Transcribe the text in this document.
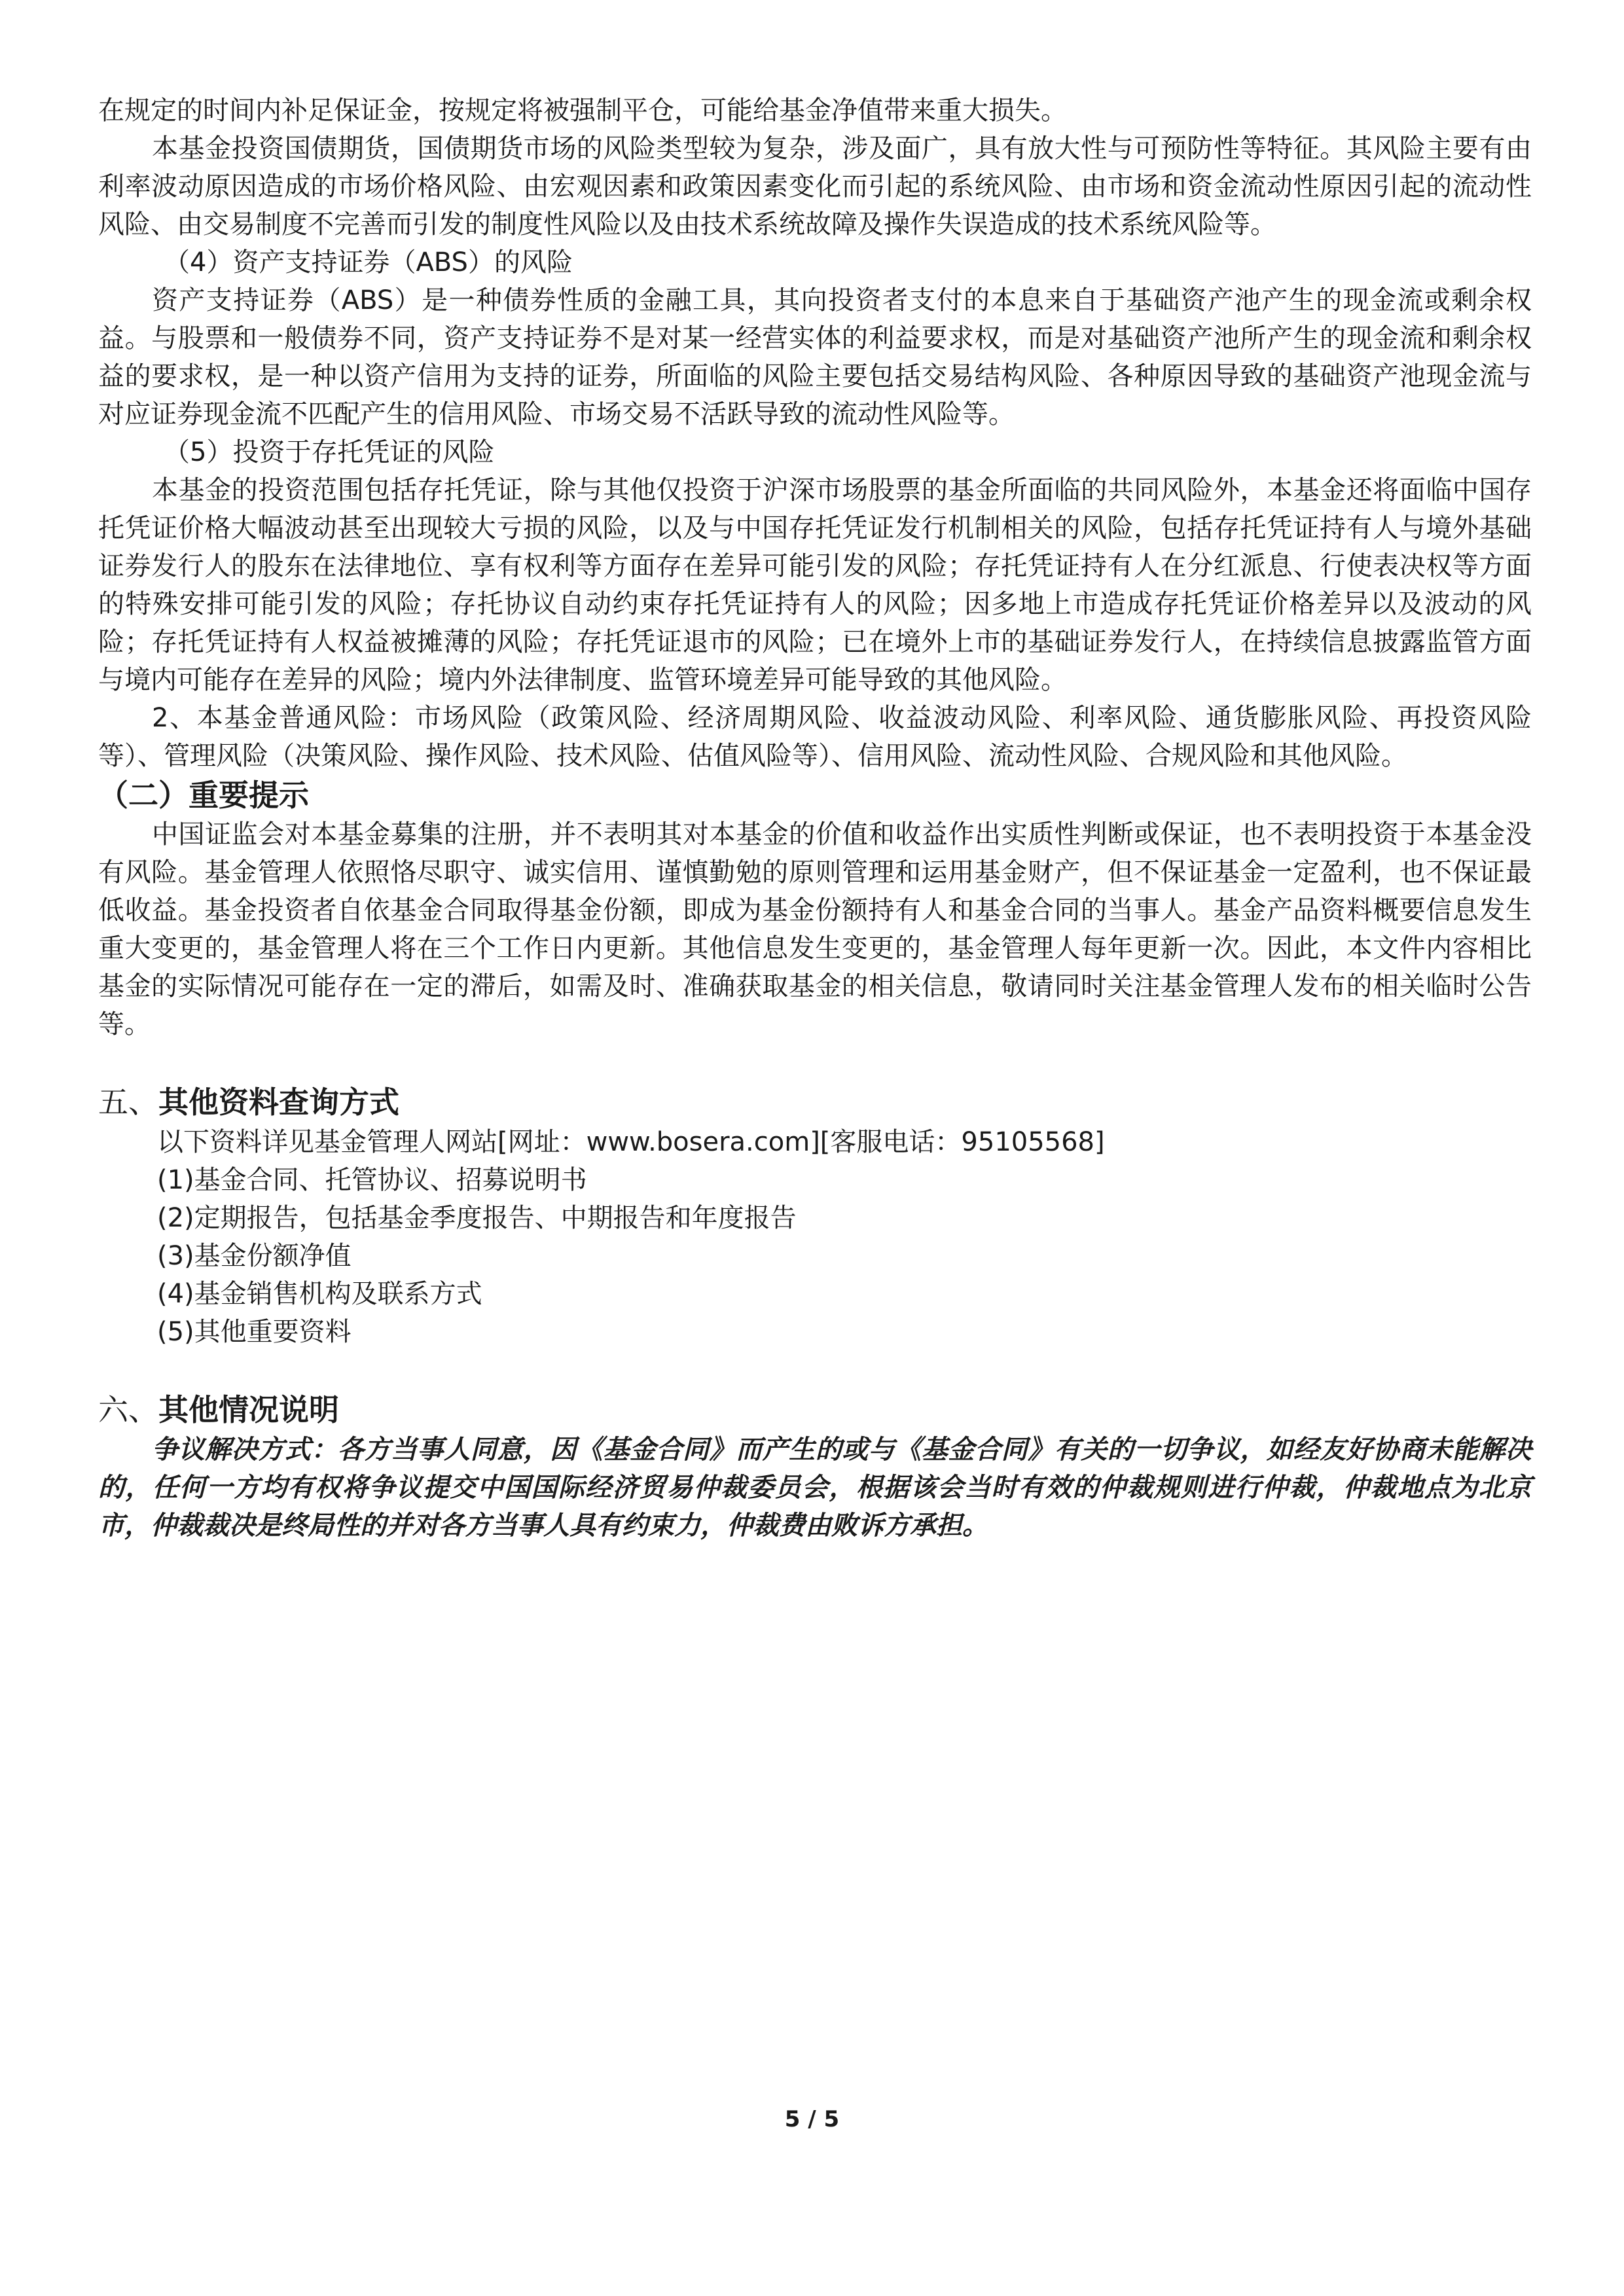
在规定的时间内补足保证金，按规定将被强制平仓，可能给基金净值带来重大损失。

本基金投资国债期货，国债期货市场的风险类型较为复杂，涉及面广，具有放大性与可预防性等特征。其风险主要有由利率波动原因造成的市场价格风险、由宏观因素和政策因素变化而引起的系统风险、由市场和资金流动性原因引起的流动性风险、由交易制度不完善而引发的制度性风险以及由技术系统故障及操作失误造成的技术系统风险等。

（4）资产支持证券（ABS）的风险

资产支持证券（ABS）是一种债券性质的金融工具，其向投资者支付的本息来自于基础资产池产生的现金流或剩余权益。与股票和一般债券不同，资产支持证券不是对某一经营实体的利益要求权，而是对基础资产池所产生的现金流和剩余权益的要求权，是一种以资产信用为支持的证券，所面临的风险主要包括交易结构风险、各种原因导致的基础资产池现金流与对应证券现金流不匹配产生的信用风险、市场交易不活跃导致的流动性风险等。

（5）投资于存托凭证的风险

本基金的投资范围包括存托凭证，除与其他仅投资于沪深市场股票的基金所面临的共同风险外，本基金还将面临中国存托凭证价格大幅波动甚至出现较大亏损的风险，以及与中国存托凭证发行机制相关的风险，包括存托凭证持有人与境外基础证券发行人的股东在法律地位、享有权利等方面存在差异可能引发的风险；存托凭证持有人在分红派息、行使表决权等方面的特殊安排可能引发的风险；存托协议自动约束存托凭证持有人的风险；因多地上市造成存托凭证价格差异以及波动的风险；存托凭证持有人权益被摊薄的风险；存托凭证退市的风险；已在境外上市的基础证券发行人，在持续信息披露监管方面与境内可能存在差异的风险；境内外法律制度、监管环境差异可能导致的其他风险。

2、本基金普通风险：市场风险（政策风险、经济周期风险、收益波动风险、利率风险、通货膨胀风险、再投资风险等）、管理风险（决策风险、操作风险、技术风险、估值风险等）、信用风险、流动性风险、合规风险和其他风险。

（二）重要提示

中国证监会对本基金募集的注册，并不表明其对本基金的价值和收益作出实质性判断或保证，也不表明投资于本基金没有风险。基金管理人依照恪尽职守、诚实信用、谨慎勤勉的原则管理和运用基金财产，但不保证基金一定盈利，也不保证最低收益。基金投资者自依基金合同取得基金份额，即成为基金份额持有人和基金合同的当事人。基金产品资料概要信息发生重大变更的，基金管理人将在三个工作日内更新。其他信息发生变更的，基金管理人每年更新一次。因此，本文件内容相比基金的实际情况可能存在一定的滞后，如需及时、准确获取基金的相关信息，敬请同时关注基金管理人发布的相关临时公告等。

五、其他资料查询方式

以下资料详见基金管理人网站[网址：www.bosera.com][客服电话：95105568]

(1)基金合同、托管协议、招募说明书

(2)定期报告，包括基金季度报告、中期报告和年度报告

(3)基金份额净值

(4)基金销售机构及联系方式

(5)其他重要资料

六、其他情况说明

争议解决方式：各方当事人同意，因《基金合同》而产生的或与《基金合同》有关的一切争议，如经友好协商未能解决的，任何一方均有权将争议提交中国国际经济贸易仲裁委员会，根据该会当时有效的仲裁规则进行仲裁，仲裁地点为北京市，仲裁裁决是终局性的并对各方当事人具有约束力，仲裁费由败诉方承担。

5 / 5
